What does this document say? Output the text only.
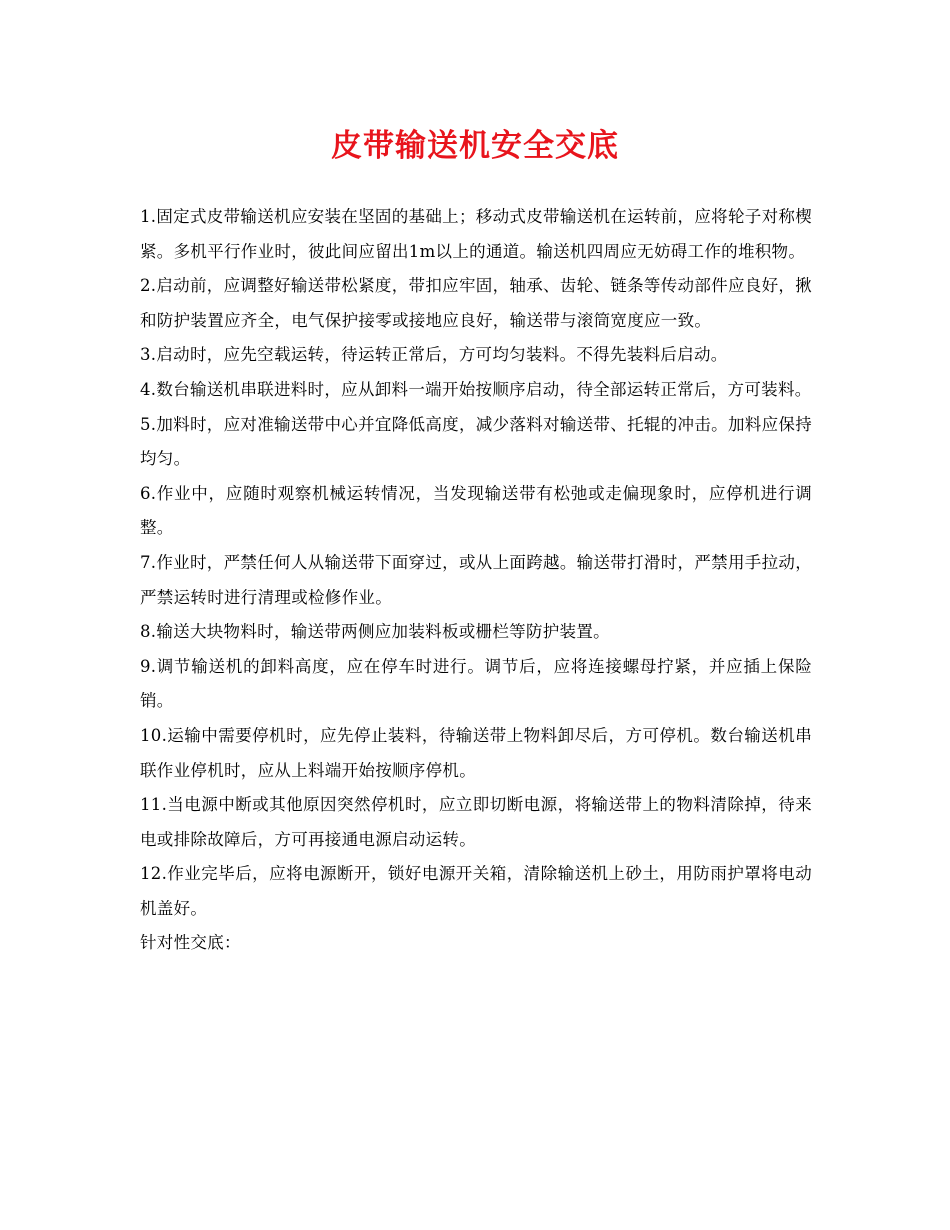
皮带输送机安全交底

1.固定式皮带输送机应安装在坚固的基础上；移动式皮带输送机在运转前，应将轮子对称楔紧。多机平行作业时，彼此间应留出1m以上的通道。输送机四周应无妨碍工作的堆积物。

2.启动前，应调整好输送带松紧度，带扣应牢固，轴承、齿轮、链条等传动部件应良好，揪和防护装置应齐全，电气保护接零或接地应良好，输送带与滚筒宽度应一致。

3.启动时，应先空载运转，待运转正常后，方可均匀装料。不得先装料后启动。

4.数台输送机串联进料时，应从卸料一端开始按顺序启动，待全部运转正常后，方可装料。

5.加料时，应对准输送带中心并宜降低高度，减少落料对输送带、托辊的冲击。加料应保持均匀。

6.作业中，应随时观察机械运转情况，当发现输送带有松弛或走偏现象时，应停机进行调整。

7.作业时，严禁任何人从输送带下面穿过，或从上面跨越。输送带打滑时，严禁用手拉动，严禁运转时进行清理或检修作业。

8.输送大块物料时，输送带两侧应加装料板或栅栏等防护装置。

9.调节输送机的卸料高度，应在停车时进行。调节后，应将连接螺母拧紧，并应插上保险销。

10.运输中需要停机时，应先停止装料，待输送带上物料卸尽后，方可停机。数台输送机串联作业停机时，应从上料端开始按顺序停机。

11.当电源中断或其他原因突然停机时，应立即切断电源，将输送带上的物料清除掉，待来电或排除故障后，方可再接通电源启动运转。

12.作业完毕后，应将电源断开，锁好电源开关箱，清除输送机上砂土，用防雨护罩将电动机盖好。

针对性交底：
